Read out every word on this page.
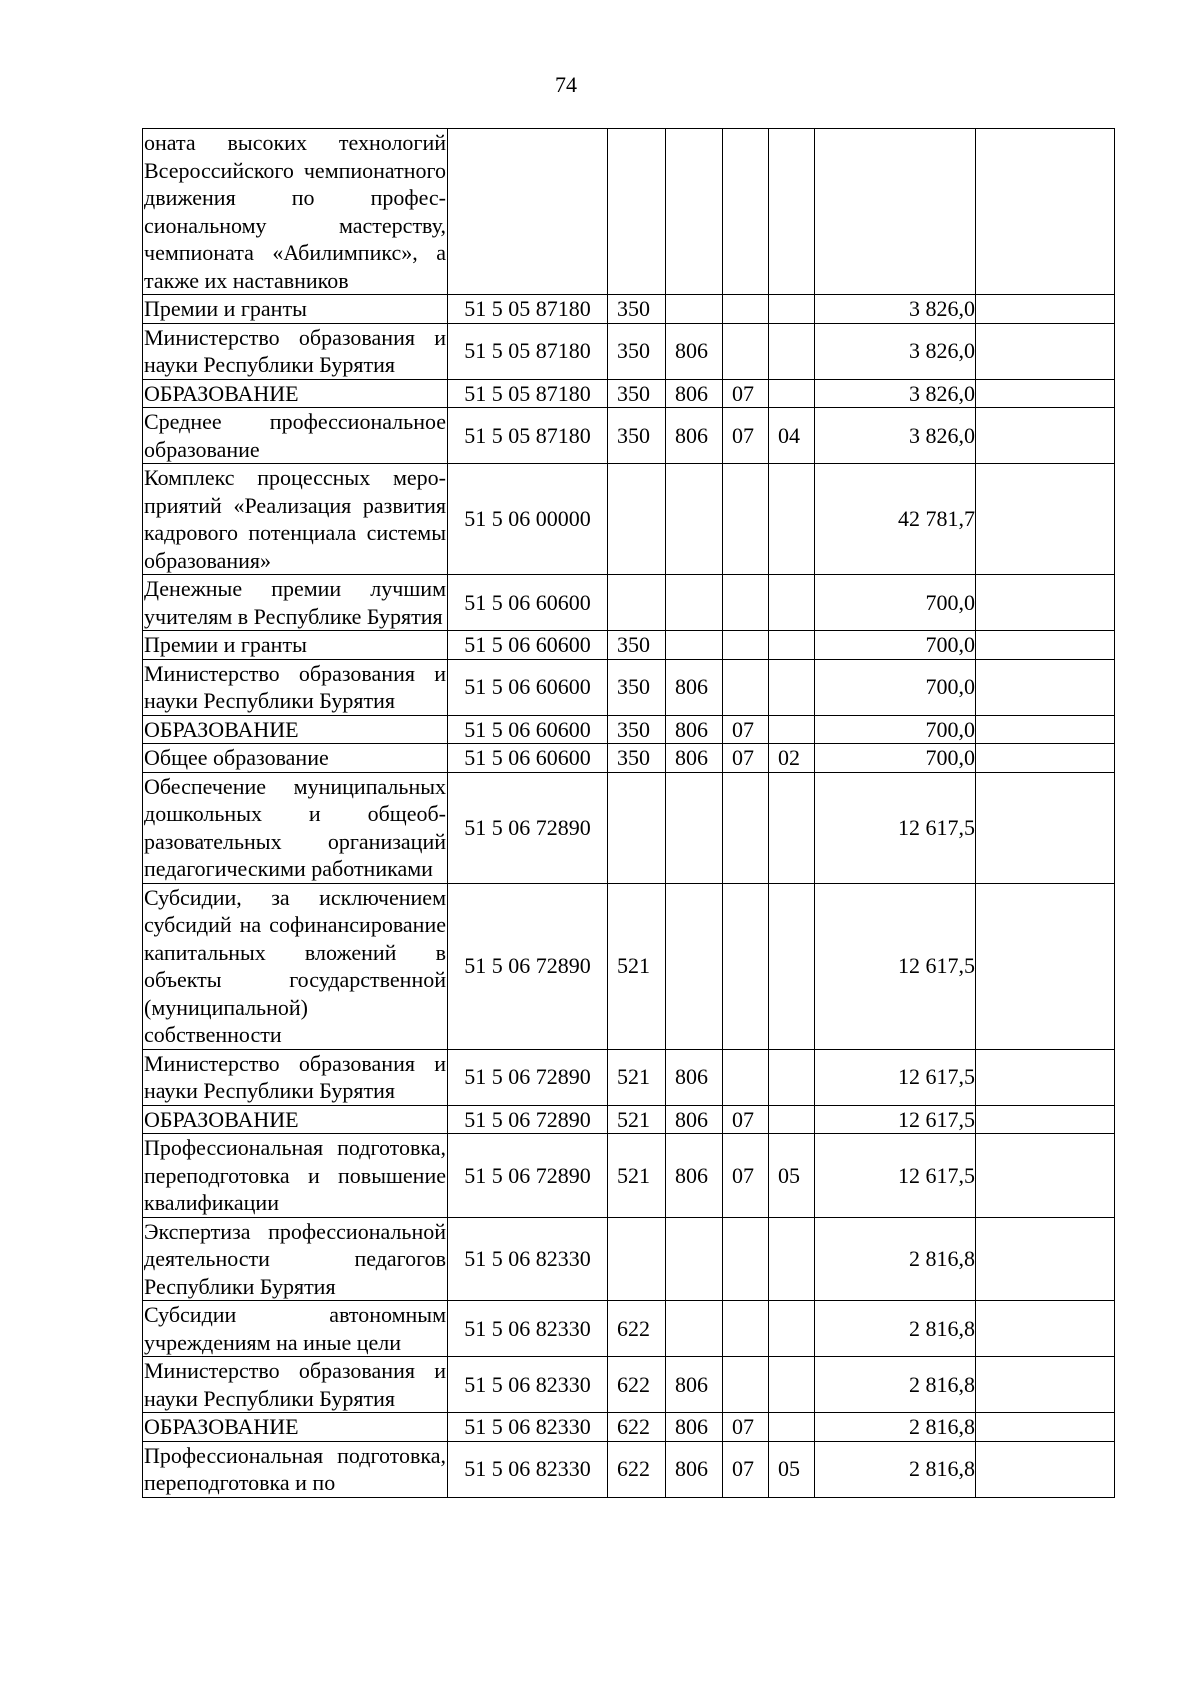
74
оната высоких технологий Всероссийского чемпионатного движения по профессиональному мастерству, чемпионата «Абилимпикс», а также их наставников							
Премии и гранты	51 5 05 87180	350				3 826,0	
Министерство образования и науки Республики Бурятия	51 5 05 87180	350	806			3 826,0	
ОБРАЗОВАНИЕ	51 5 05 87180	350	806	07		3 826,0	
Среднее профессиональное образование	51 5 05 87180	350	806	07	04	3 826,0	
Комплекс процессных мероприятий «Реализация развития кадрового потенциала системы образования»	51 5 06 00000					42 781,7	
Денежные премии лучшим учителям в Республике Бурятия	51 5 06 60600					700,0	
Премии и гранты	51 5 06 60600	350				700,0	
Министерство образования и науки Республики Бурятия	51 5 06 60600	350	806			700,0	
ОБРАЗОВАНИЕ	51 5 06 60600	350	806	07		700,0	
Общее образование	51 5 06 60600	350	806	07	02	700,0	
Обеспечение муниципальных дошкольных и общеобразовательных организаций педагогическими работниками	51 5 06 72890					12 617,5	
Субсидии, за исключением субсидий на софинансирование капитальных вложений в объекты государственной (муниципальной) собственности	51 5 06 72890	521				12 617,5	
Министерство образования и науки Республики Бурятия	51 5 06 72890	521	806			12 617,5	
ОБРАЗОВАНИЕ	51 5 06 72890	521	806	07		12 617,5	
Профессиональная подготовка, переподготовка и повышение квалификации	51 5 06 72890	521	806	07	05	12 617,5	
Экспертиза профессиональной деятельности педагогов Республики Бурятия	51 5 06 82330					2 816,8	
Субсидии автономным учреждениям на иные цели	51 5 06 82330	622				2 816,8	
Министерство образования и науки Республики Бурятия	51 5 06 82330	622	806			2 816,8	
ОБРАЗОВАНИЕ	51 5 06 82330	622	806	07		2 816,8	
Профессиональная подготовка, переподготовка и по	51 5 06 82330	622	806	07	05	2 816,8	
